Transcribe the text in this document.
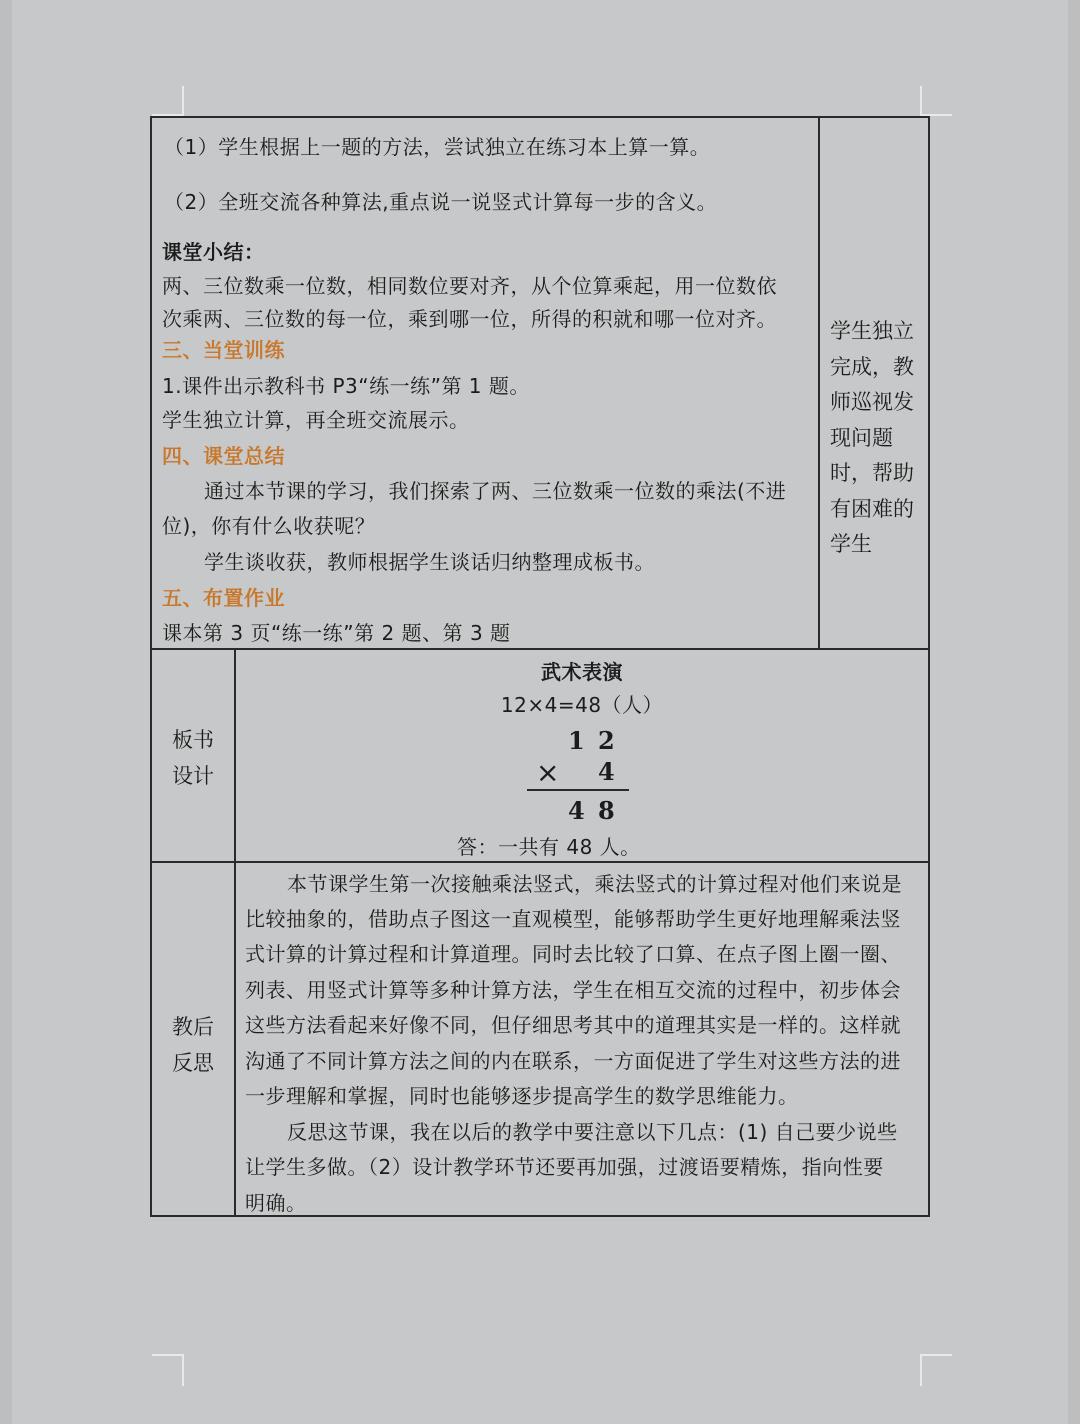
（1）学生根据上一题的方法，尝试独立在练习本上算一算。
（2）全班交流各种算法,重点说一说竖式计算每一步的含义。
课堂小结：
两、三位数乘一位数，相同数位要对齐，从个位算乘起，用一位数依
次乘两、三位数的每一位，乘到哪一位，所得的积就和哪一位对齐。
三、当堂训练
1.课件出示教科书 P3“练一练”第 1 题。
学生独立计算，再全班交流展示。
四、课堂总结
通过本节课的学习，我们探索了两、三位数乘一位数的乘法(不进
位)，你有什么收获呢？
学生谈收获，教师根据学生谈话归纳整理成板书。
五、布置作业
课本第 3 页“练一练”第 2 题、第 3 题
学生独立
完成，教
师巡视发
现问题
时，帮助
有困难的
学生
板书
设计
武术表演
12×4=48（人）
1 2
× 4
4 8
答：一共有 48 人。
教后
反思
本节课学生第一次接触乘法竖式，乘法竖式的计算过程对他们来说是
比较抽象的，借助点子图这一直观模型，能够帮助学生更好地理解乘法竖
式计算的计算过程和计算道理。同时去比较了口算、在点子图上圈一圈、
列表、用竖式计算等多种计算方法，学生在相互交流的过程中，初步体会
这些方法看起来好像不同，但仔细思考其中的道理其实是一样的。这样就
沟通了不同计算方法之间的内在联系，一方面促进了学生对这些方法的进
一步理解和掌握，同时也能够逐步提高学生的数学思维能力。
反思这节课，我在以后的教学中要注意以下几点：(1) 自己要少说些
让学生多做。（2）设计教学环节还要再加强，过渡语要精炼，指向性要
明确。
